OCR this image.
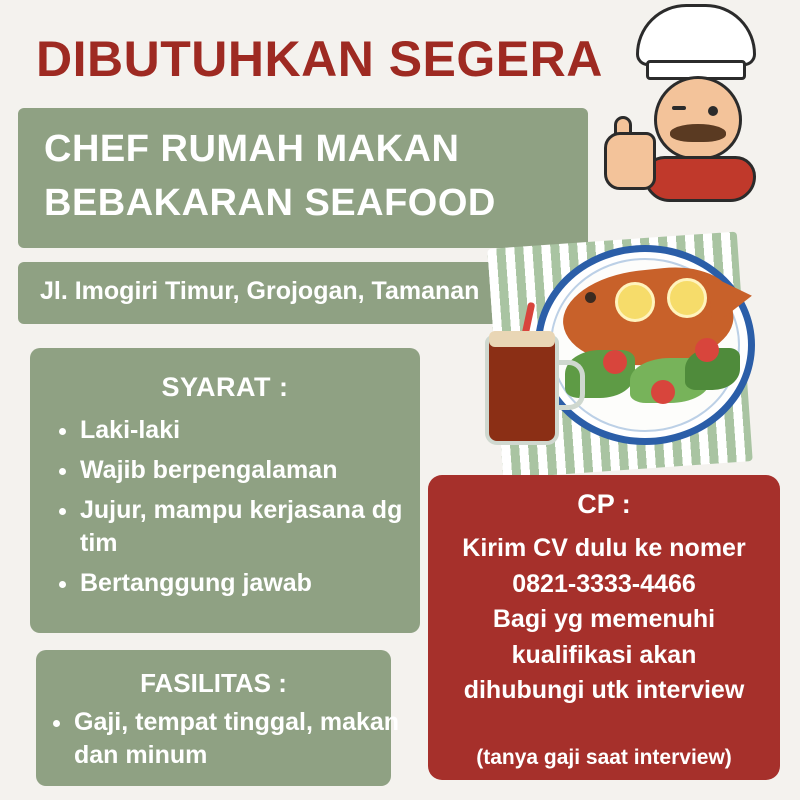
DIBUTUHKAN SEGERA
CHEF RUMAH MAKAN
BEBAKARAN SEAFOOD
Jl. Imogiri Timur, Grojogan, Tamanan
SYARAT :
• Laki-laki
• Wajib berpengalaman
• Jujur, mampu kerjasana dg tim
• Bertanggung jawab
FASILITAS :
• Gaji, tempat tinggal, makan dan minum
CP :
Kirim CV dulu ke nomer
0821-3333-4466
Bagi yg memenuhi
kualifikasi akan
dihubungi utk interview
(tanya gaji saat interview)
